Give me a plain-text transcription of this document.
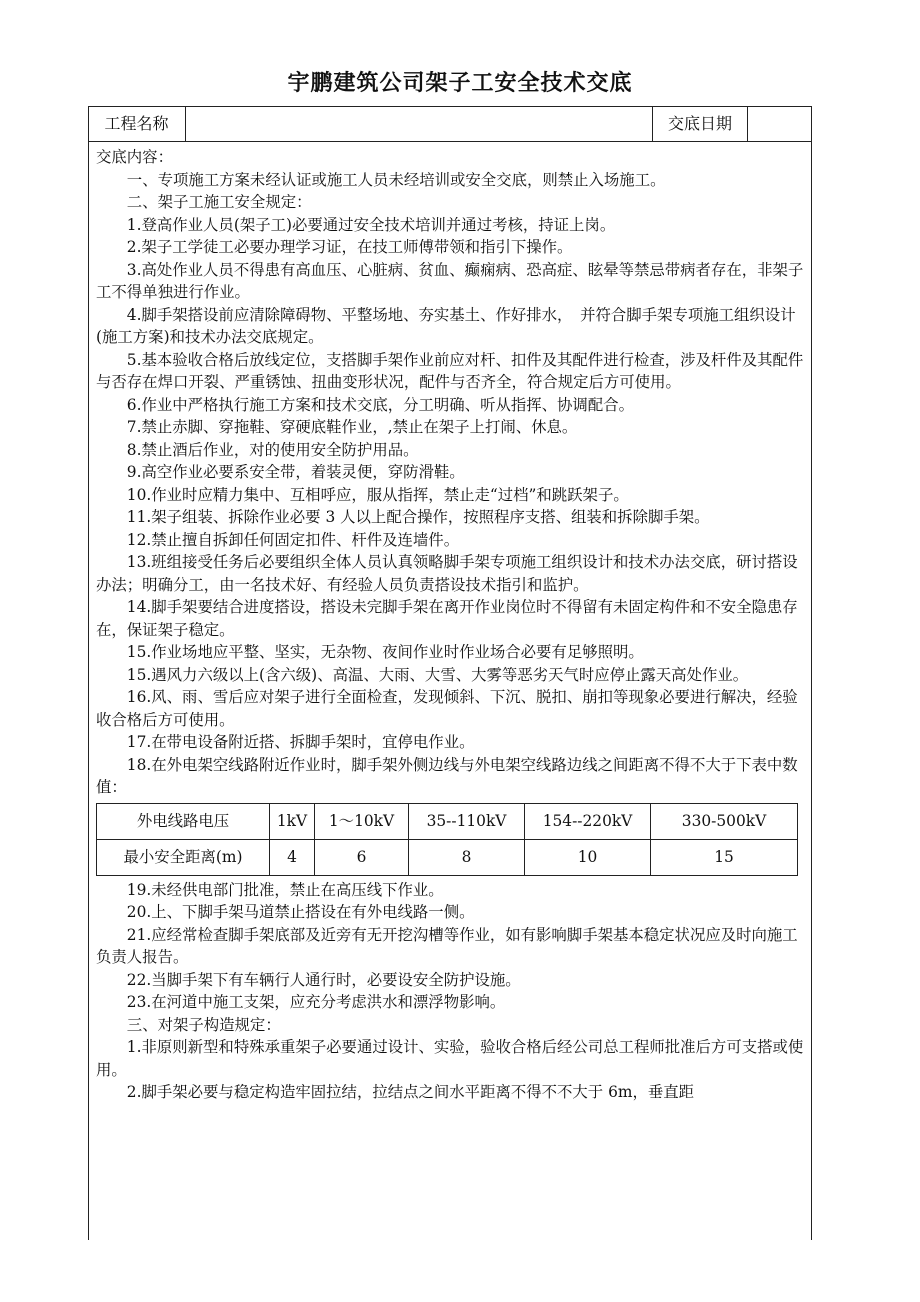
宇鹏建筑公司架子工安全技术交底
工程名称	交底日期

交底内容：

一、专项施工方案未经认证或施工人员未经培训或安全交底，则禁止入场施工。

二、架子工施工安全规定：

1.登高作业人员(架子工)必要通过安全技术培训并通过考核，持证上岗。

2.架子工学徒工必要办理学习证，在技工师傅带领和指引下操作。

3.高处作业人员不得患有高血压、心脏病、贫血、癫痫病、恐高症、眩晕等禁忌带病者存在，非架子工不得单独进行作业。

4.脚手架搭设前应清除障碍物、平整场地、夯实基土、作好排水，　并符合脚手架专项施工组织设计(施工方案)和技术办法交底规定。

5.基本验收合格后放线定位，支搭脚手架作业前应对杆、扣件及其配件进行检查，涉及杆件及其配件与否存在焊口开裂、严重锈蚀、扭曲变形状况，配件与否齐全，符合规定后方可使用。

6.作业中严格执行施工方案和技术交底，分工明确、听从指挥、协调配合。

7.禁止赤脚、穿拖鞋、穿硬底鞋作业，,禁止在架子上打闹、休息。

8.禁止酒后作业，对的使用安全防护用品。

9.高空作业必要系安全带，着装灵便，穿防滑鞋。

10.作业时应精力集中、互相呼应，服从指挥，禁止走“过档”和跳跃架子。

11.架子组装、拆除作业必要 3 人以上配合操作，按照程序支搭、组装和拆除脚手架。

12.禁止擅自拆卸任何固定扣件、杆件及连墙件。

13.班组接受任务后必要组织全体人员认真领略脚手架专项施工组织设计和技术办法交底，研讨搭设办法；明确分工，由一名技术好、有经验人员负责搭设技术指引和监护。

14.脚手架要结合进度搭设，搭设未完脚手架在离开作业岗位时不得留有未固定构件和不安全隐患存在，保证架子稳定。

15.作业场地应平整、坚实，无杂物、夜间作业时作业场合必要有足够照明。

15.遇风力六级以上(含六级)、高温、大雨、大雪、大雾等恶劣天气时应停止露天高处作业。

16.风、雨、雪后应对架子进行全面检查，发现倾斜、下沉、脱扣、崩扣等现象必要进行解决，经验收合格后方可使用。

17.在带电设备附近搭、拆脚手架时，宜停电作业。

18.在外电架空线路附近作业时，脚手架外侧边线与外电架空线路边线之间距离不得不大于下表中数值：

外电线路电压	1kV	1～10kV	35--110kV	154--220kV	330-500kV
最小安全距离(m)	4	6	8	10	15

19.未经供电部门批准，禁止在高压线下作业。

20.上、下脚手架马道禁止搭设在有外电线路一侧。

21.应经常检查脚手架底部及近旁有无开挖沟槽等作业，如有影响脚手架基本稳定状况应及时向施工负责人报告。

22.当脚手架下有车辆行人通行时，必要设安全防护设施。

23.在河道中施工支架，应充分考虑洪水和漂浮物影响。

三、对架子构造规定：

1.非原则新型和特殊承重架子必要通过设计、实验，验收合格后经公司总工程师批准后方可支搭或使用。

2.脚手架必要与稳定构造牢固拉结，拉结点之间水平距离不得不不大于 6m，垂直距
